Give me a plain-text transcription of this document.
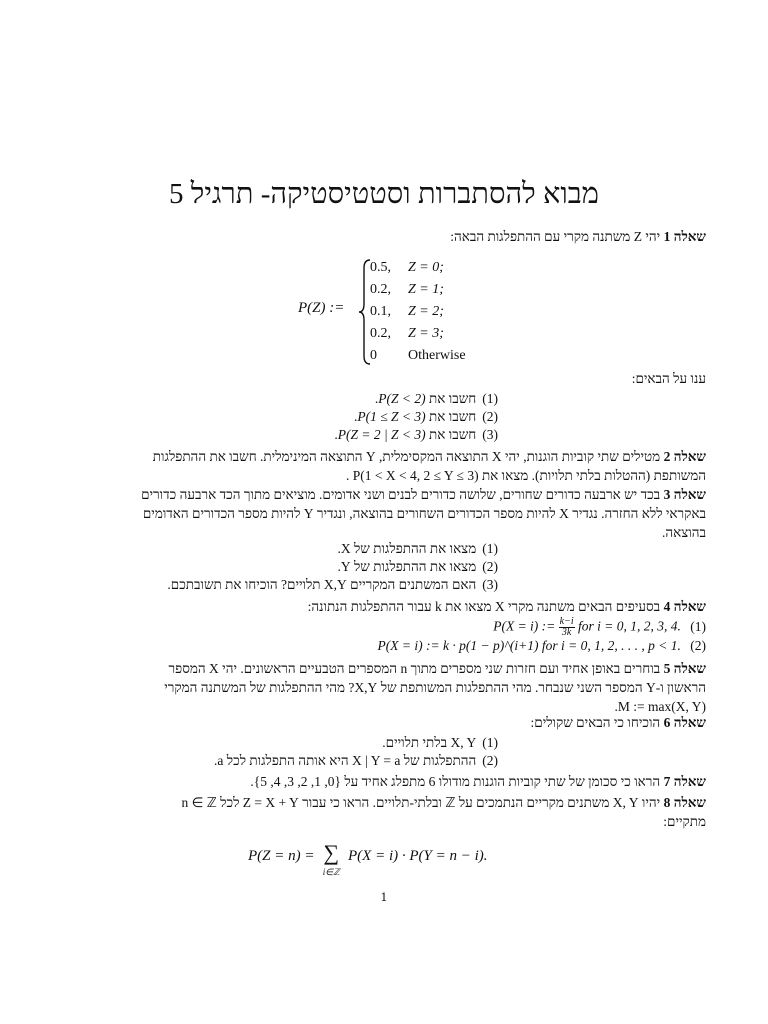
מבוא להסתברות וסטטיסטיקה- תרגיל 5
שאלה 1 יהי Z משתנה מקרי עם ההתפלגות הבאה:
P(Z) :=
0.5, Z = 0;
0.2, Z = 1;
0.1, Z = 2;
0.2, Z = 3;
0 Otherwise
ענו על הבאים:
(1)חשבו את P(Z < 2).
(2)חשבו את P(1 ≤ Z < 3).
(3)חשבו את P(Z = 2 | Z < 3).
שאלה 2 מטילים שתי קוביות הוגנות, יהי X התוצאה המקסימלית, Y התוצאה המינימלית. חשבו את ההתפלגות
המשותפת (ההטלות בלתי תלויות). מצאו את P(1 < X < 4, 2 ≤ Y ≤ 3) .
שאלה 3 בכד יש ארבעה כדורים שחורים, שלושה כדורים לבנים ושני אדומים. מוציאים מתוך הכד ארבעה כדורים
באקראי ללא החזרה. נגדיר X להיות מספר הכדורים השחורים בהוצאה, ונגדיר Y להיות מספר הכדורים האדומים
בהוצאה.
(1)מצאו את ההתפלגות של X.
(2)מצאו את ההתפלגות של Y.
(3)האם המשתנים המקריים X,Y תלויים? הוכיחו את תשובתכם.
שאלה 4 בסעיפים הבאים משתנה מקרי X מצאו את k עבור ההתפלגות הנתונה:
P(X = i) := $\frac{k-i}{3k}$ for i = 0, 1, 2, 3, 4. (1)
P(X = i) := k · p(1 − p)^(i+1) for i = 0, 1, 2, . . . , p < 1. (2)
שאלה 5 בוחרים באופן אחיד ועם חזרות שני מספרים מתוך n המספרים הטבעיים הראשונים. יהי X המספר
הראשון ו-Y המספר השני שנבחר. מהי ההתפלגות המשותפת של X,Y? מהי ההתפלגות של המשתנה המקרי
M := max(X, Y).
שאלה 6 הוכיחו כי הבאים שקולים:
(1)X, Y בלתי תלויים.
(2)ההתפלגות של X | Y = a היא אותה התפלגות לכל a.
שאלה 7 הראו כי סכומן של שתי קוביות הוגנות מודולו 6 מתפלג אחיד על {0, 1, 2, 3, 4, 5}.
שאלה 8 יהיו X, Y משתנים מקריים הנתמכים על ℤ ובלתי-תלויים. הראו כי עבור Z = X + Y לכל n ∈ ℤ
מתקיים:
P(Z = n) = ∑
i∈ℤ
P(X = i) · P(Y = n − i).
1
